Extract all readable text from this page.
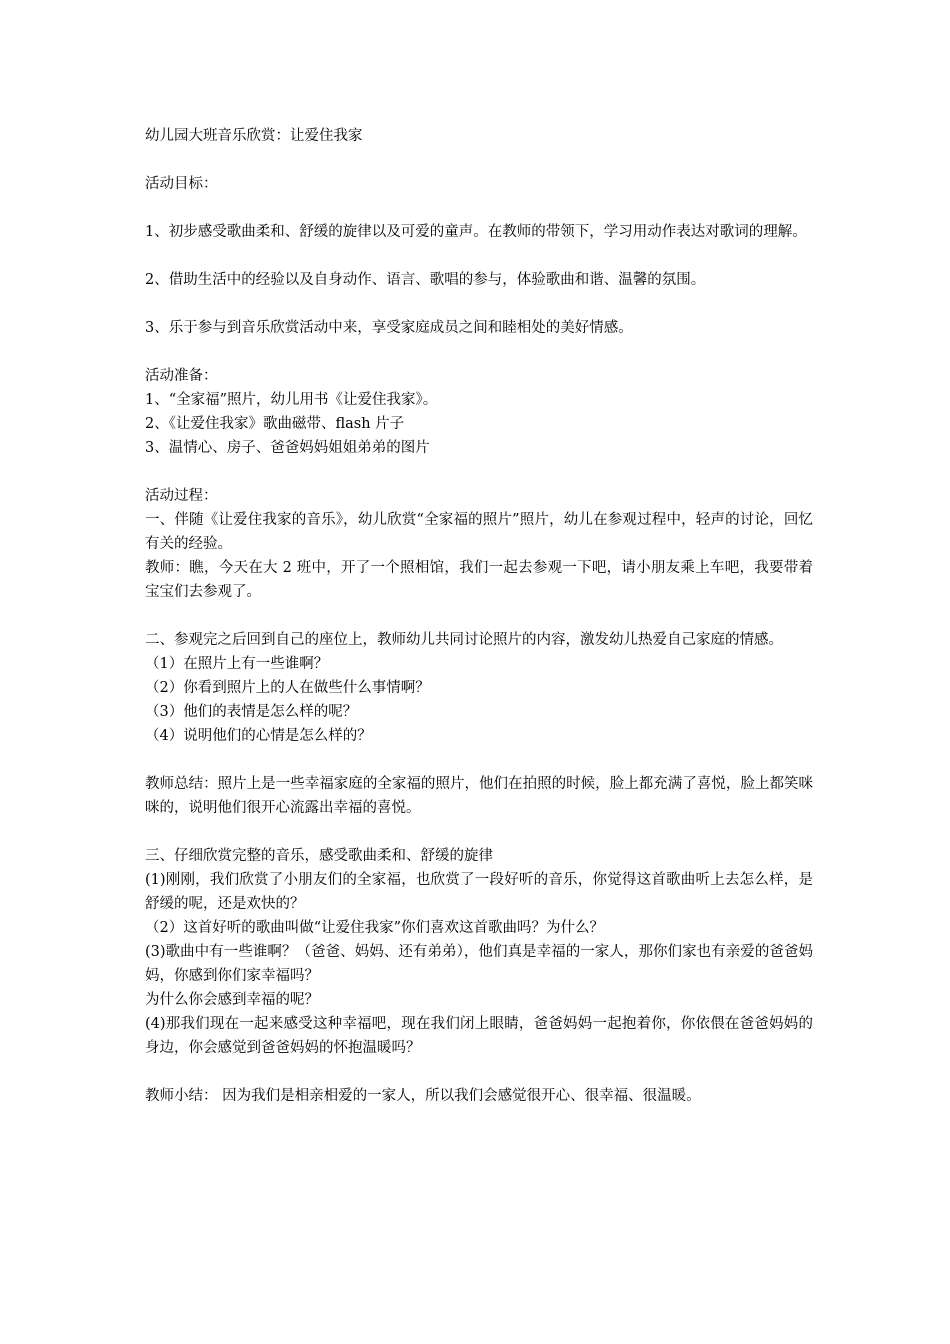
幼儿园大班音乐欣赏：让爱住我家

活动目标：

1、初步感受歌曲柔和、舒缓的旋律以及可爱的童声。在教师的带领下，学习用动作表达对歌词的理解。

2、借助生活中的经验以及自身动作、语言、歌唱的参与，体验歌曲和谐、温馨的氛围。

3、乐于参与到音乐欣赏活动中来，享受家庭成员之间和睦相处的美好情感。

活动准备：

1、“全家福”照片，幼儿用书《让爱住我家》。

2、《让爱住我家》歌曲磁带、flash 片子

3、温情心、房子、爸爸妈妈姐姐弟弟的图片

活动过程：

一、伴随《让爱住我家的音乐》，幼儿欣赏“全家福的照片”照片，幼儿在参观过程中，轻声的讨论，回忆有关的经验。

教师：瞧，今天在大 2 班中，开了一个照相馆，我们一起去参观一下吧，请小朋友乘上车吧，我要带着宝宝们去参观了。

二、参观完之后回到自己的座位上，教师幼儿共同讨论照片的内容，激发幼儿热爱自己家庭的情感。

（1）在照片上有一些谁啊？

（2）你看到照片上的人在做些什么事情啊？

（3）他们的表情是怎么样的呢？

（4）说明他们的心情是怎么样的？

教师总结：照片上是一些幸福家庭的全家福的照片，他们在拍照的时候，脸上都充满了喜悦，脸上都笑咪咪的，说明他们很开心流露出幸福的喜悦。

三、仔细欣赏完整的音乐，感受歌曲柔和、舒缓的旋律

(1)刚刚，我们欣赏了小朋友们的全家福，也欣赏了一段好听的音乐，你觉得这首歌曲听上去怎么样，是舒缓的呢，还是欢快的？

（2）这首好听的歌曲叫做“让爱住我家”你们喜欢这首歌曲吗？为什么？

(3)歌曲中有一些谁啊？（爸爸、妈妈、还有弟弟），他们真是幸福的一家人，那你们家也有亲爱的爸爸妈妈，你感到你们家幸福吗？

为什么你会感到幸福的呢？

(4)那我们现在一起来感受这种幸福吧，现在我们闭上眼睛，爸爸妈妈一起抱着你，你依偎在爸爸妈妈的身边，你会感觉到爸爸妈妈的怀抱温暖吗？

教师小结： 因为我们是相亲相爱的一家人，所以我们会感觉很开心、很幸福、很温暖。
